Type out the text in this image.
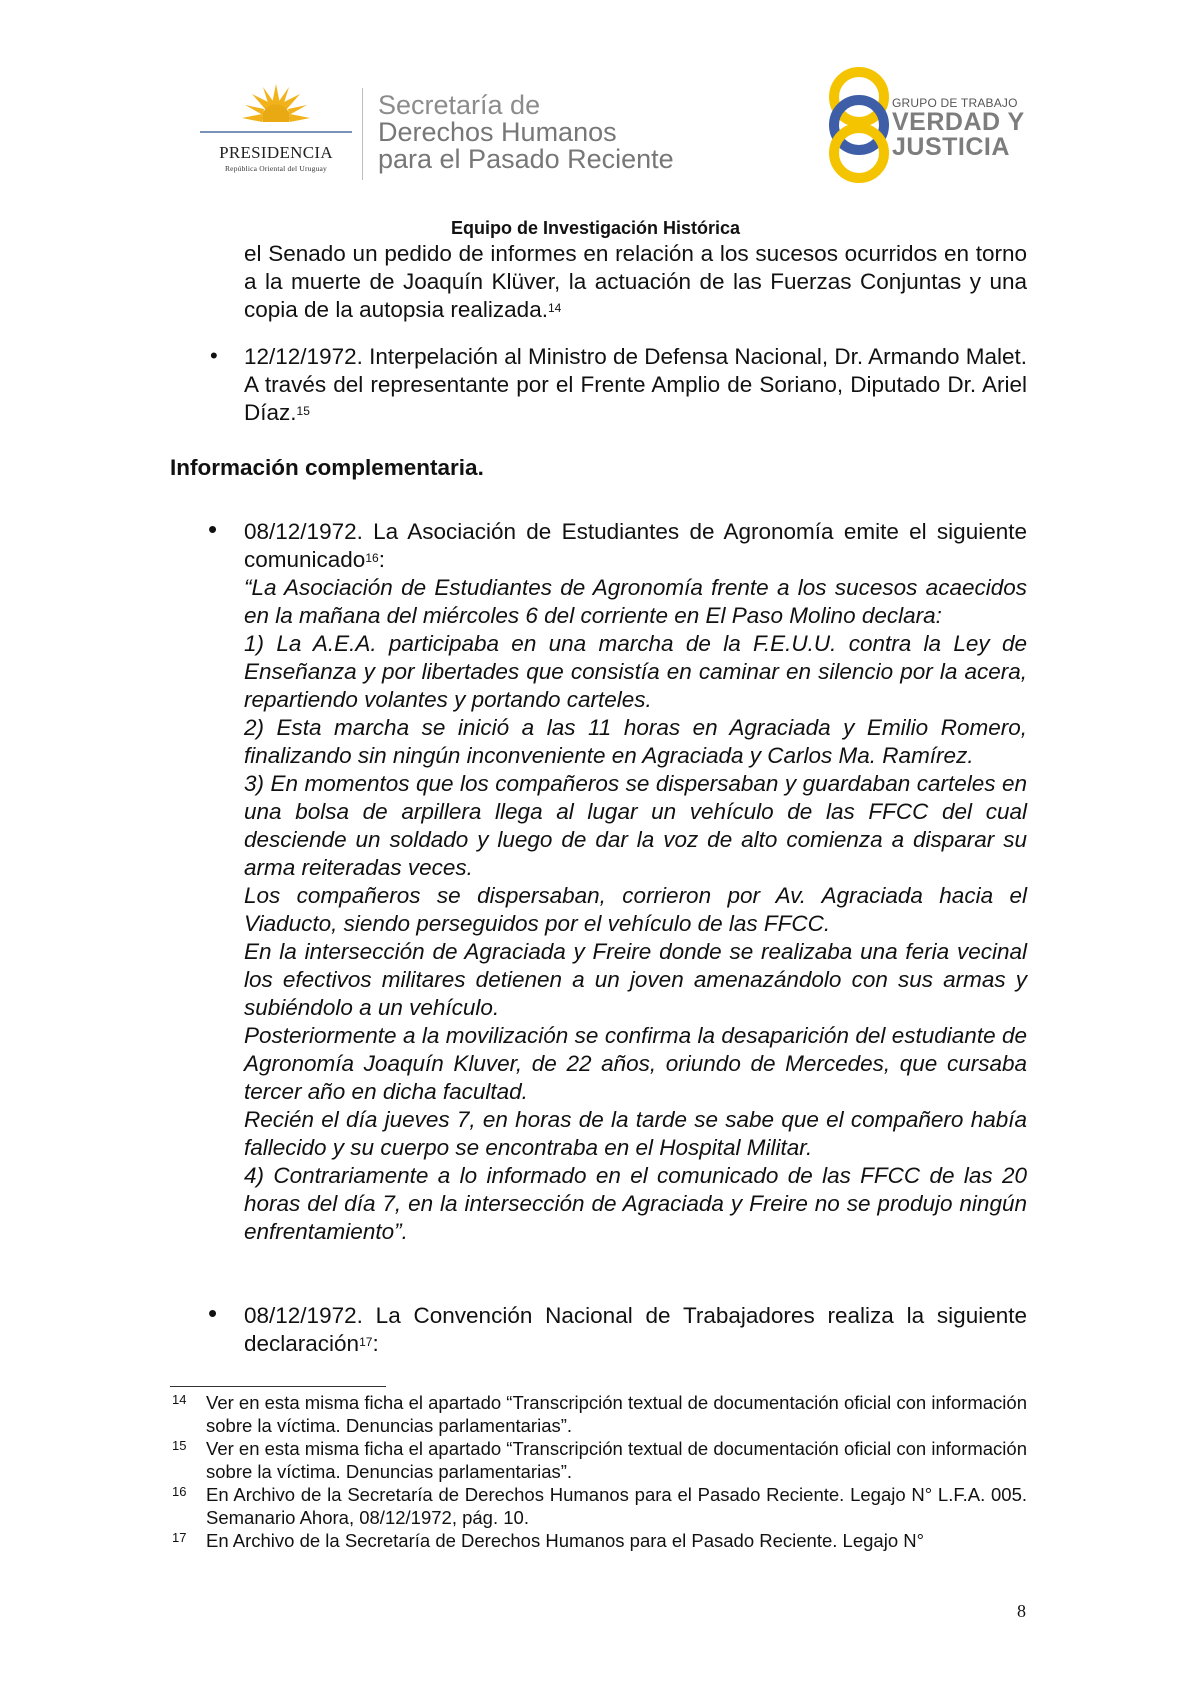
PRESIDENCIA
República Oriental del Uruguay
Secretaría de
Derechos Humanos
para el Pasado Reciente
GRUPO DE TRABAJO
VERDAD Y
JUSTICIA
Equipo de Investigación Histórica

el Senado un pedido de informes en relación a los sucesos ocurridos en torno a la muerte de Joaquín Klüver, la actuación de las Fuerzas Conjuntas y una copia de la autopsia realizada.$^{14}$

• 12/12/1972. Interpelación al Ministro de Defensa Nacional, Dr. Armando Malet. A través del representante por el Frente Amplio de Soriano, Diputado Dr. Ariel Díaz.$^{15}$

Información complementaria.
• 08/12/1972. La Asociación de Estudiantes de Agronomía emite el siguiente comunicado$^{16}$:

“La Asociación de Estudiantes de Agronomía frente a los sucesos acaecidos en la mañana del miércoles 6 del corriente en El Paso Molino declara:

1) La A.E.A. participaba en una marcha de la F.E.U.U. contra la Ley de Enseñanza y por libertades que consistía en caminar en silencio por la acera, repartiendo volantes y portando carteles.

2) Esta marcha se inició a las 11 horas en Agraciada y Emilio Romero, finalizando sin ningún inconveniente en Agraciada y Carlos Ma. Ramírez.

3) En momentos que los compañeros se dispersaban y guardaban carteles en una bolsa de arpillera llega al lugar un vehículo de las FFCC del cual desciende un soldado y luego de dar la voz de alto comienza a disparar su arma reiteradas veces.

Los compañeros se dispersaban, corrieron por Av. Agraciada hacia el Viaducto, siendo perseguidos por el vehículo de las FFCC.

En la intersección de Agraciada y Freire donde se realizaba una feria vecinal los efectivos militares detienen a un joven amenazándolo con sus armas y subiéndolo a un vehículo.

Posteriormente a la movilización se confirma la desaparición del estudiante de Agronomía Joaquín Kluver, de 22 años, oriundo de Mercedes, que cursaba tercer año en dicha facultad.

Recién el día jueves 7, en horas de la tarde se sabe que el compañero había fallecido y su cuerpo se encontraba en el Hospital Militar.

4) Contrariamente a lo informado en el comunicado de las FFCC de las 20 horas del día 7, en la intersección de Agraciada y Freire no se produjo ningún enfrentamiento”.

• 08/12/1972. La Convención Nacional de Trabajadores realiza la siguiente declaración$^{17}$:

14 Ver en esta misma ficha el apartado “Transcripción textual de documentación oficial con información sobre la víctima. Denuncias parlamentarias”.

15 Ver en esta misma ficha el apartado “Transcripción textual de documentación oficial con información sobre la víctima. Denuncias parlamentarias”.

16 En Archivo de la Secretaría de Derechos Humanos para el Pasado Reciente. Legajo N° L.F.A. 005. Semanario Ahora, 08/12/1972, pág. 10.

17 En Archivo de la Secretaría de Derechos Humanos para el Pasado Reciente. Legajo N°

8
